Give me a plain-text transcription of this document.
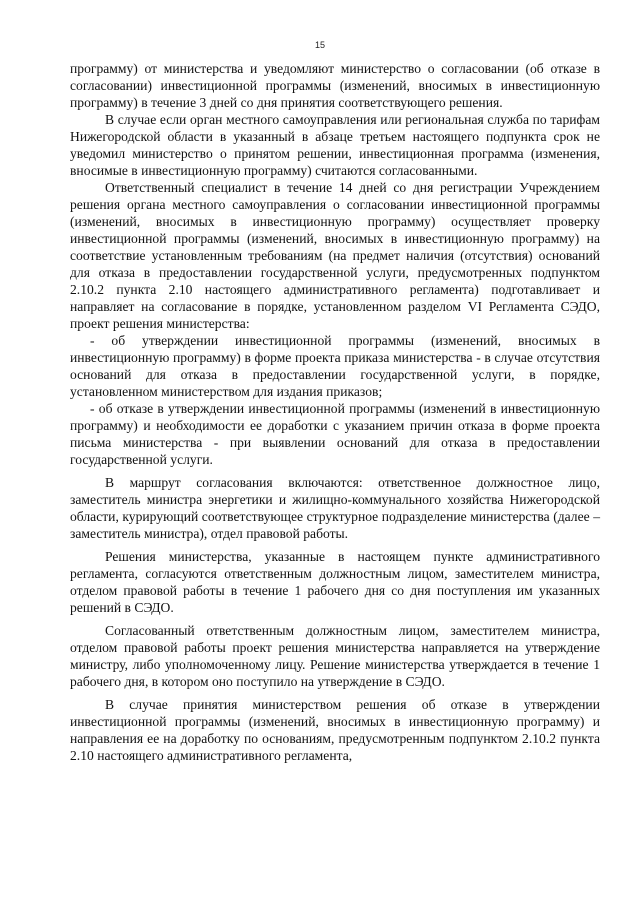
15

программу) от министерства и уведомляют министерство о согласовании (об отказе в согласовании) инвестиционной программы (изменений, вносимых в инвестиционную программу) в течение 3 дней со дня принятия соответствующего решения.

В случае если орган местного самоуправления или региональная служба по тарифам Нижегородской области в указанный в абзаце третьем настоящего подпункта срок не уведомил министерство о принятом решении, инвестиционная программа (изменения, вносимые в инвестиционную программу) считаются согласованными.

Ответственный специалист в течение 14 дней со дня регистрации Учреждением решения органа местного самоуправления о согласовании инвестиционной программы (изменений, вносимых в инвестиционную программу) осуществляет проверку инвестиционной программы (изменений, вносимых в инвестиционную программу) на соответствие установленным требованиям (на предмет наличия (отсутствия) оснований для отказа в предоставлении государственной услуги, предусмотренных подпунктом 2.10.2 пункта 2.10 настоящего административного регламента) подготавливает и направляет на согласование в порядке, установленном разделом VI Регламента СЭДО, проект решения министерства:

- об утверждении инвестиционной программы (изменений, вносимых в инвестиционную программу) в форме проекта приказа министерства - в случае отсутствия оснований для отказа в предоставлении государственной услуги, в порядке, установленном министерством для издания приказов;

- об отказе в утверждении инвестиционной программы (изменений в инвестиционную программу) и необходимости ее доработки с указанием причин отказа в форме проекта письма министерства - при выявлении оснований для отказа в предоставлении государственной услуги.

В маршрут согласования включаются: ответственное должностное лицо, заместитель министра энергетики и жилищно-коммунального хозяйства Нижегородской области, курирующий соответствующее структурное подразделение министерства (далее – заместитель министра), отдел правовой работы.

Решения министерства, указанные в настоящем пункте административного регламента, согласуются ответственным должностным лицом, заместителем министра, отделом правовой работы в течение 1 рабочего дня со дня поступления им указанных решений в СЭДО.

Согласованный ответственным должностным лицом, заместителем министра, отделом правовой работы проект решения министерства направляется на утверждение министру, либо уполномоченному лицу. Решение министерства утверждается в течение 1 рабочего дня, в котором оно поступило на утверждение в СЭДО.

В случае принятия министерством решения об отказе в утверждении инвестиционной программы (изменений, вносимых в инвестиционную программу) и направления ее на доработку по основаниям, предусмотренным подпунктом 2.10.2 пункта 2.10 настоящего административного регламента,
